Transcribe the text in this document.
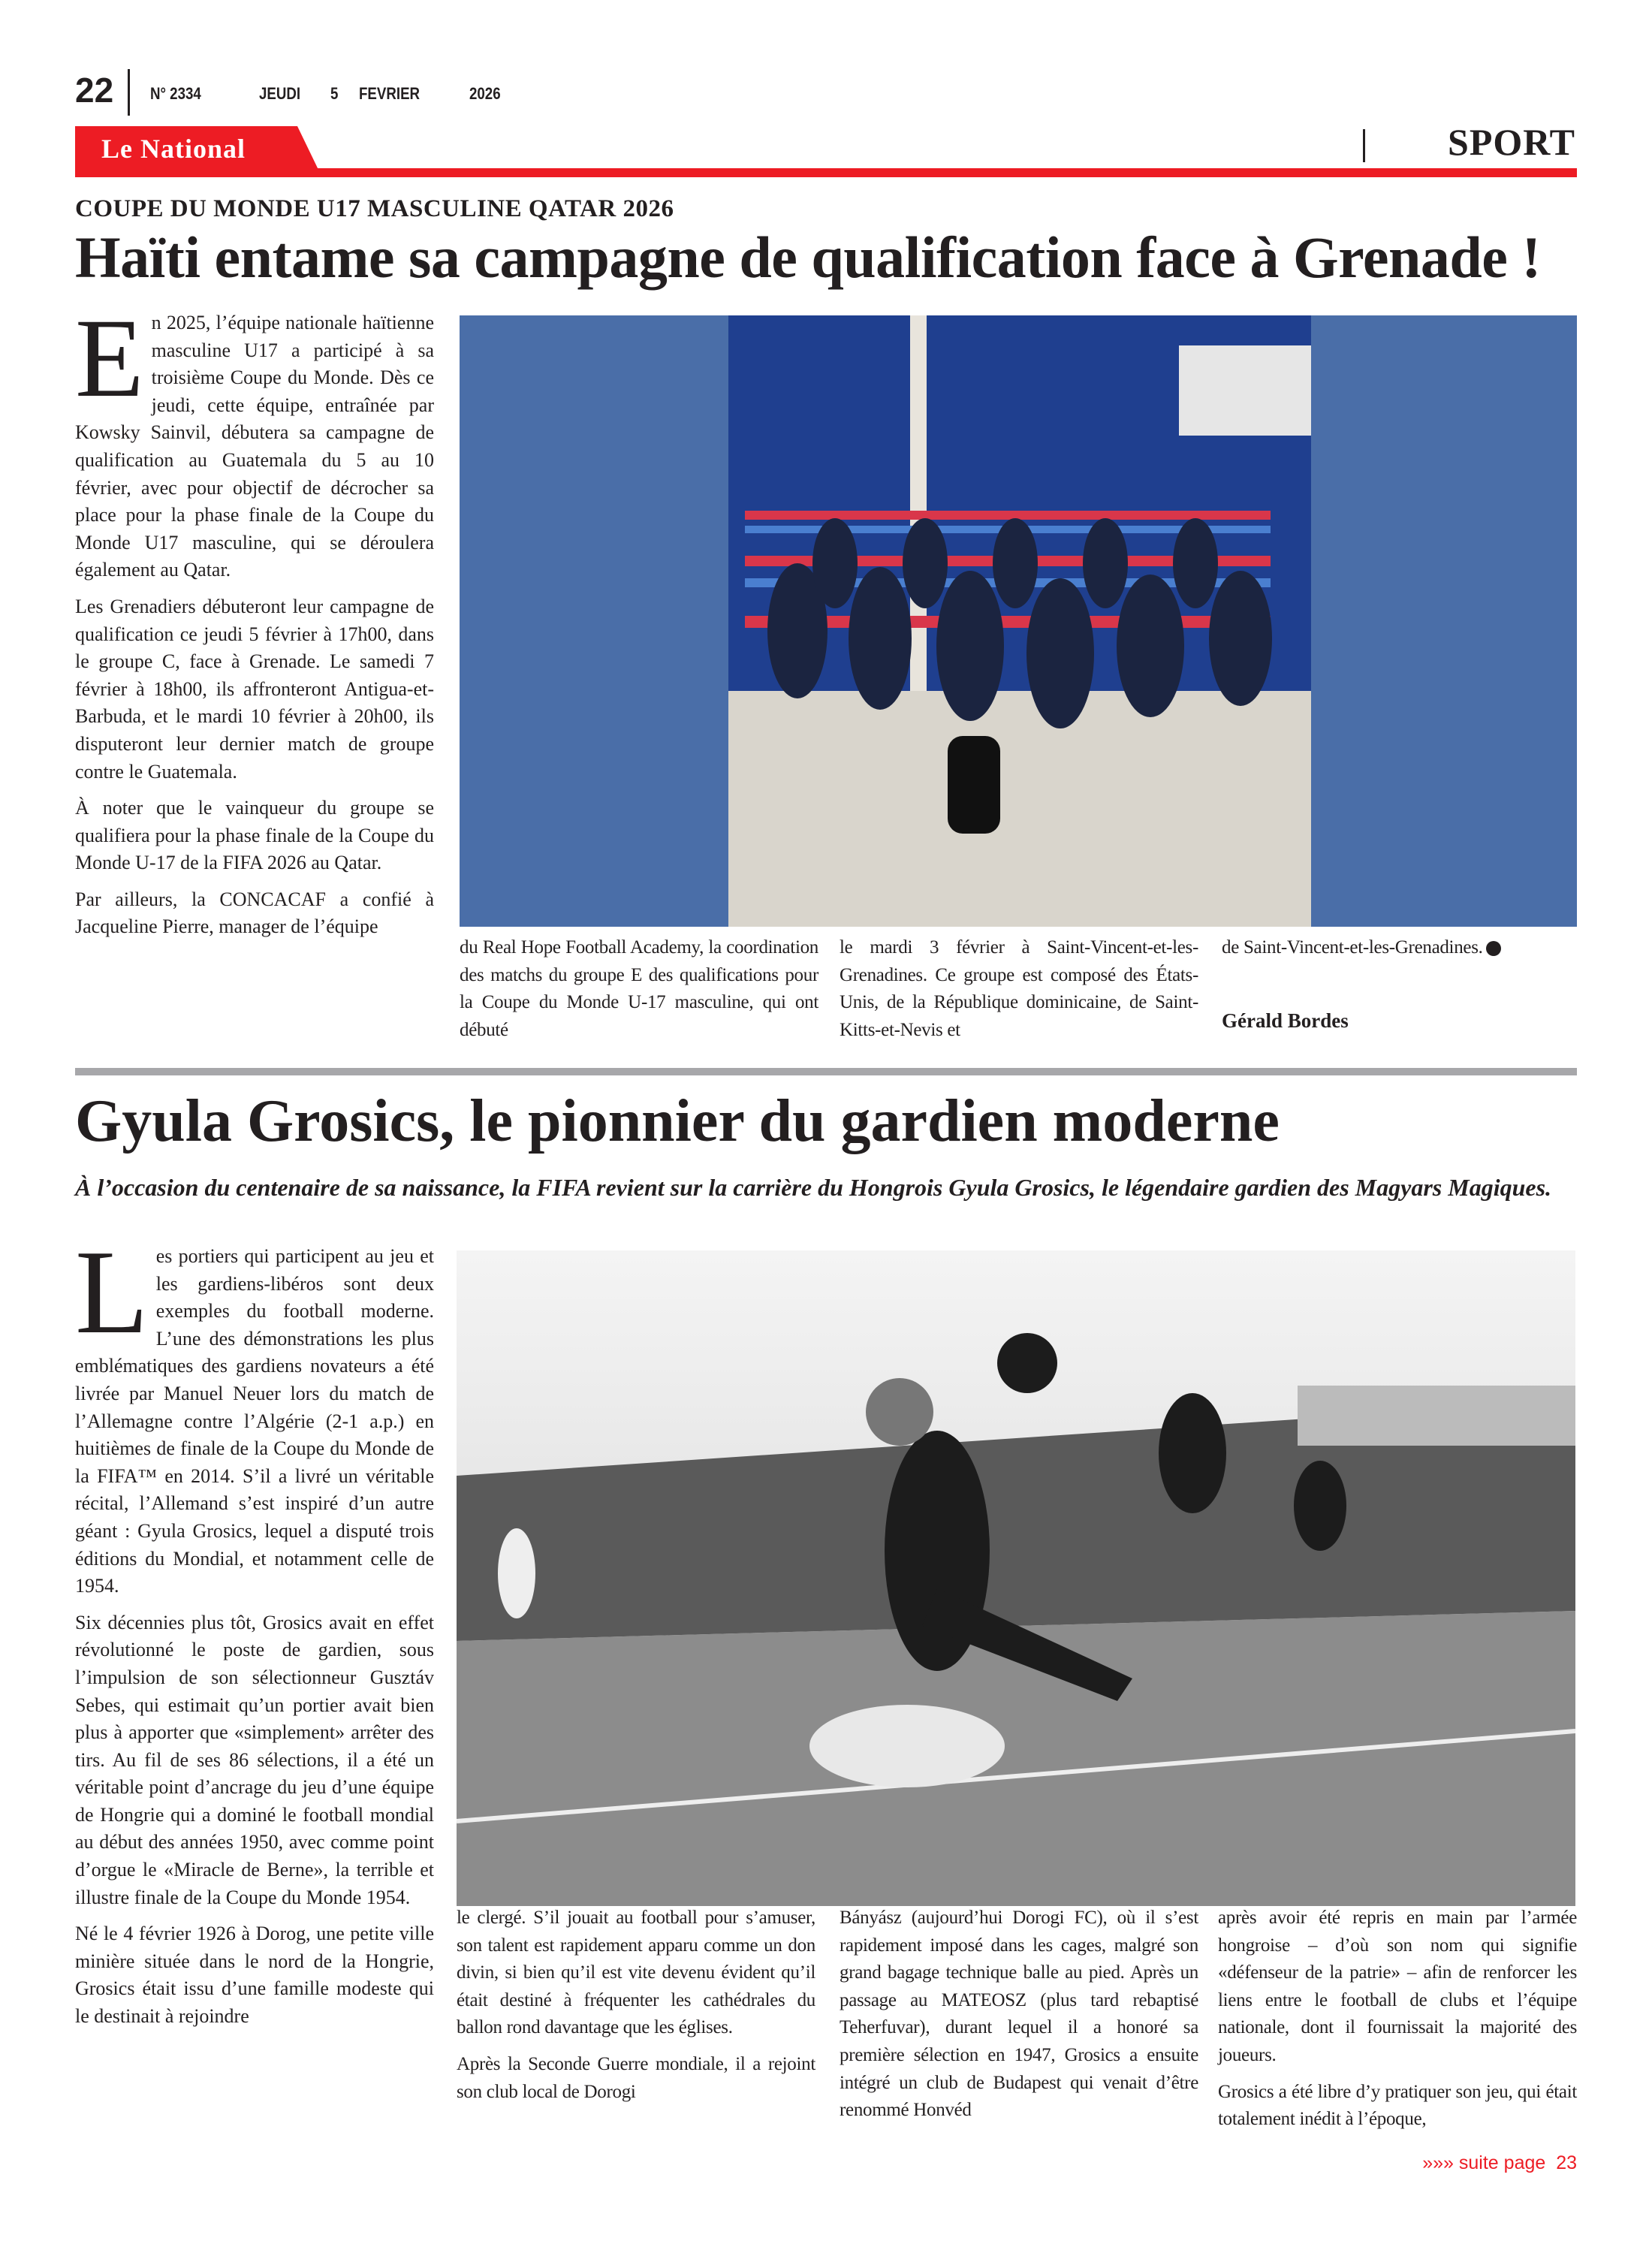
22 N° 2334	JEUDI 5 FEVRIER	2026
Le National	SPORT
COUPE DU MONDE U17 MASCULINE QATAR 2026
Haïti entame sa campagne de qualification face à Grenade !

En 2025, l’équipe nationale haïtienne masculine U17 a participé à sa troisième Coupe du Monde. Dès ce jeudi, cette équipe, entraînée par Kowsky Sainvil, débutera sa campagne de qualification au Guatemala du 5 au 10 février, avec pour objectif de décrocher sa place pour la phase finale de la Coupe du Monde U17 masculine, qui se déroulera également au Qatar.

Les Grenadiers débuteront leur campagne de qualification ce jeudi 5 février à 17h00, dans le groupe C, face à Grenade. Le samedi 7 février à 18h00, ils affronteront Antigua-et-Barbuda, et le mardi 10 février à 20h00, ils disputeront leur dernier match de groupe contre le Guatemala.

À noter que le vainqueur du groupe se qualifiera pour la phase finale de la Coupe du Monde U-17 de la FIFA 2026 au Qatar.

Par ailleurs, la CONCACAF a confié à Jacqueline Pierre, manager de l’équipe

du Real Hope Football Academy, la coordination des matchs du groupe E des qualifications pour la Coupe du Monde U-17 masculine, qui ont débuté
le mardi 3 février à Saint-Vincent-et-les-Grenadines. Ce groupe est composé des États-Unis, de la République dominicaine, de Saint-Kitts-et-Nevis et
de Saint-Vincent-et-les-Grenadines.
Gérald Bordes
Gyula Grosics, le pionnier du gardien moderne
À l’occasion du centenaire de sa naissance, la FIFA revient sur la carrière du Hongrois Gyula Grosics, le légendaire gardien des Magyars Magiques.

Les portiers qui participent au jeu et les gardiens-libéros sont deux exemples du football moderne. L’une des démonstrations les plus emblématiques des gardiens novateurs a été livrée par Manuel Neuer lors du match de l’Allemagne contre l’Algérie (2-1 a.p.) en huitièmes de finale de la Coupe du Monde de la FIFA™ en 2014. S’il a livré un véritable récital, l’Allemand s’est inspiré d’un autre géant : Gyula Grosics, lequel a disputé trois éditions du Mondial, et notamment celle de 1954.

Six décennies plus tôt, Grosics avait en effet révolutionné le poste de gardien, sous l’impulsion de son sélectionneur Gusztáv Sebes, qui estimait qu’un portier avait bien plus à apporter que «simplement» arrêter des tirs. Au fil de ses 86 sélections, il a été un véritable point d’ancrage du jeu d’une équipe de Hongrie qui a dominé le football mondial au début des années 1950, avec comme point d’orgue le «Miracle de Berne», la terrible et illustre finale de la Coupe du Monde 1954.

Né le 4 février 1926 à Dorog, une petite ville minière située dans le nord de la Hongrie, Grosics était issu d’une famille modeste qui le destinait à rejoindre

le clergé. S’il jouait au football pour s’amuser, son talent est rapidement apparu comme un don divin, si bien qu’il est vite devenu évident qu’il était destiné à fréquenter les cathédrales du ballon rond davantage que les églises.

Après la Seconde Guerre mondiale, il a rejoint son club local de Dorogi

Bányász (aujourd’hui Dorogi FC), où il s’est rapidement imposé dans les cages, malgré son grand bagage technique balle au pied. Après un passage au MATEOSZ (plus tard rebaptisé Teherfuvar), durant lequel il a honoré sa première sélection en 1947, Grosics a ensuite intégré un club de Budapest qui venait d’être renommé Honvéd

après avoir été repris en main par l’armée hongroise – d’où son nom qui signifie «défenseur de la patrie» – afin de renforcer les liens entre le football de clubs et l’équipe nationale, dont il fournissait la majorité des joueurs.

Grosics a été libre d’y pratiquer son jeu, qui était totalement inédit à l’époque,

»»» suite page 23
